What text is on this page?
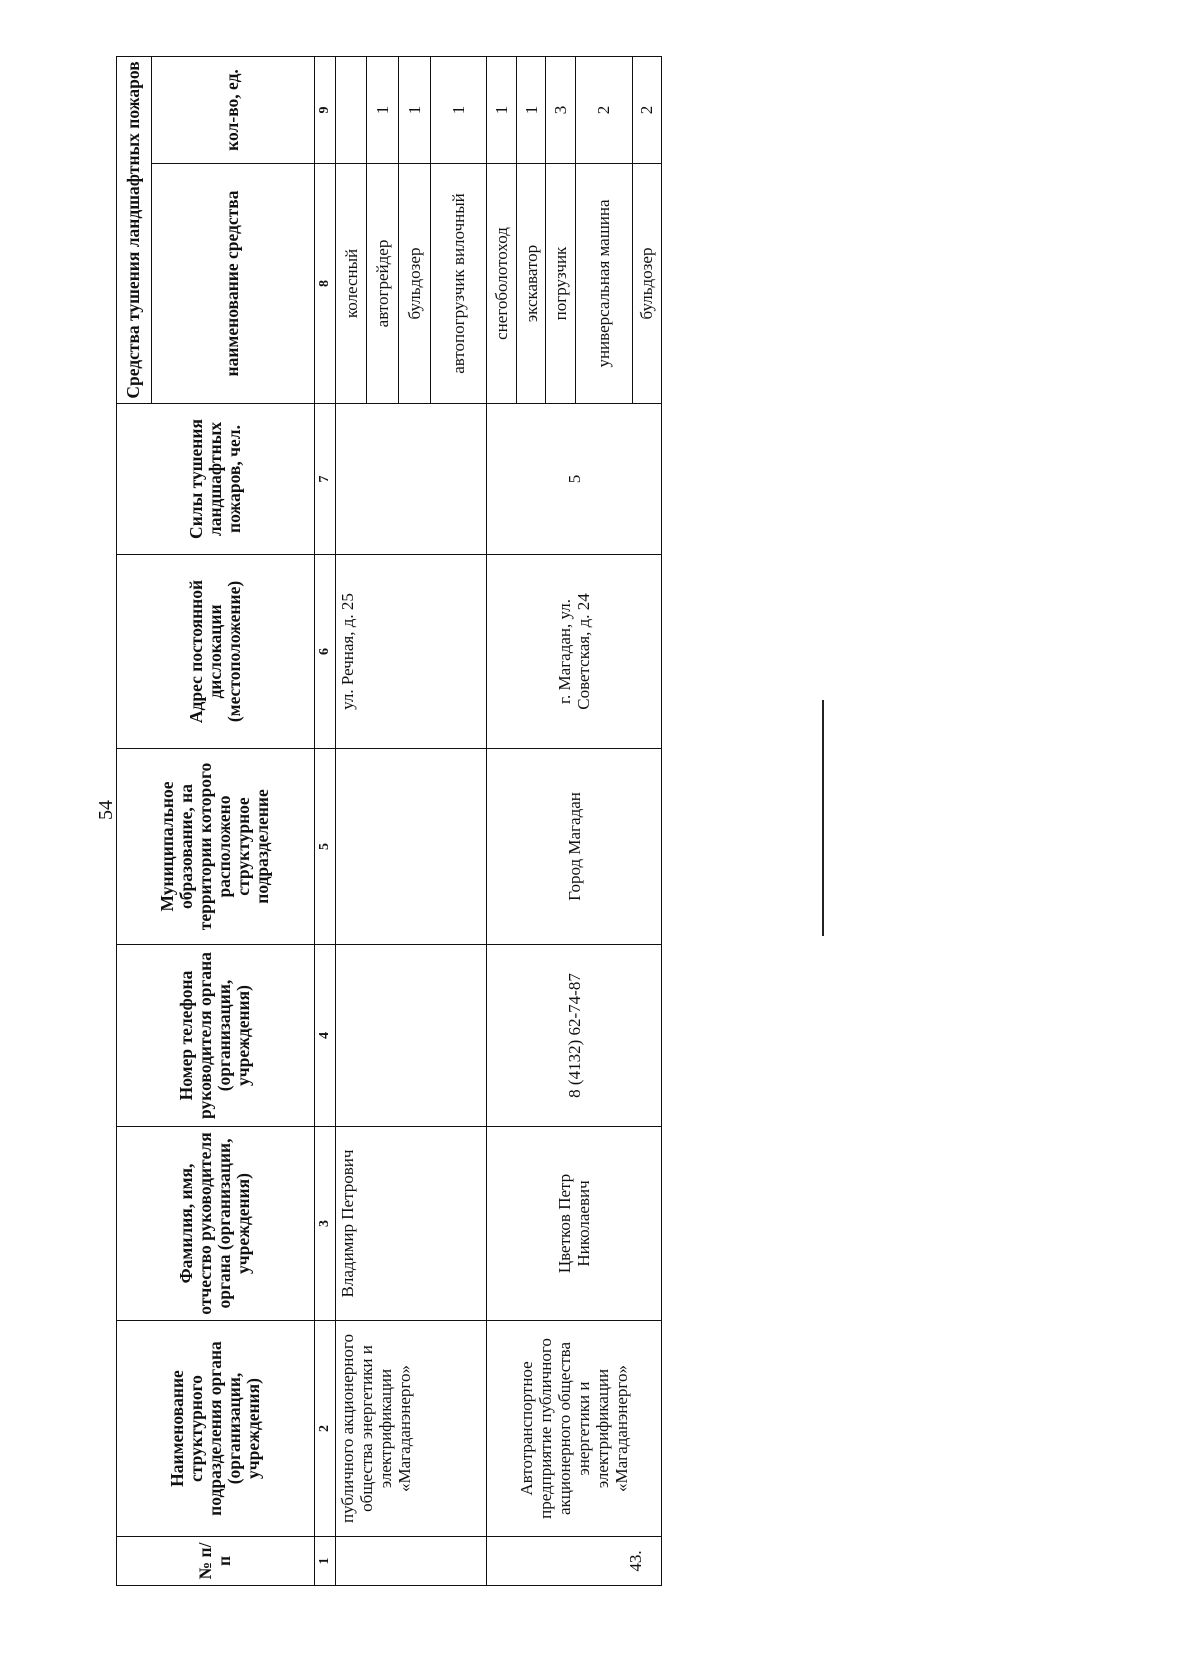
54
№ п/п	Наименование структурного подразделения органа (организации, учреждения)	Фамилия, имя, отчество руководителя органа (организации, учреждения)	Номер телефона руководителя органа (организации, учреждения)	Муниципальное образование, на территории которого расположено структурное подразделение	Адрес постоянной дислокации (местоположение)	Силы тушения ландшафтных пожаров, чел.	Средства тушения ландшафтных пожаров	
							наименование средства	кол-во, ед.
1	2	3	4	5	6	7	8	9
	публичного акционерного общества энергетики и электрификации «Магаданэнерго»	Владимир Петрович			ул. Речная, д. 25		колесный	
							автогрейдер	1
							бульдозер	1
							автопогрузчик вилочный	1
43.	Автотранспортное предприятие публичного акционерного общества энергетики и электрификации «Магаданэнерго»	Цветков Петр Николаевич	8 (4132) 62-74-87	Город Магадан	г. Магадан, ул. Советская, д. 24	5	снегоболотоход	1
							экскаватор	1
							погрузчик	3
							универсальная машина	2
							бульдозер	2
